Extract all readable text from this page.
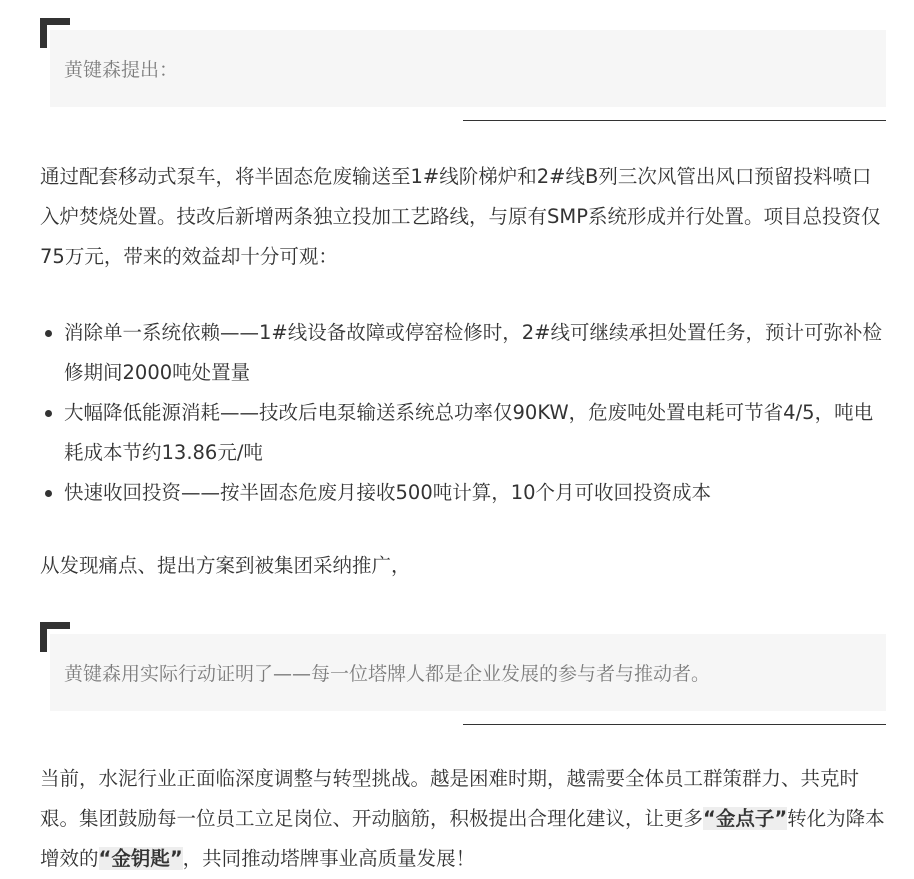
黄键森提出：

通过配套移动式泵车，将半固态危废输送至1#线阶梯炉和2#线B列三次风管出风口预留投料喷口入炉焚烧处置。技改后新增两条独立投加工艺路线，与原有SMP系统形成并行处置。项目总投资仅75万元，带来的效益却十分可观：

消除单一系统依赖——1#线设备故障或停窑检修时，2#线可继续承担处置任务，预计可弥补检修期间2000吨处置量
大幅降低能源消耗——技改后电泵输送系统总功率仅90KW，危废吨处置电耗可节省4/5，吨电耗成本节约13.86元/吨
快速收回投资——按半固态危废月接收500吨计算，10个月可收回投资成本

从发现痛点、提出方案到被集团采纳推广，

黄键森用实际行动证明了——每一位塔牌人都是企业发展的参与者与推动者。

当前，水泥行业正面临深度调整与转型挑战。越是困难时期，越需要全体员工群策群力、共克时艰。集团鼓励每一位员工立足岗位、开动脑筋，积极提出合理化建议，让更多“金点子”转化为降本增效的“金钥匙”，共同推动塔牌事业高质量发展！
